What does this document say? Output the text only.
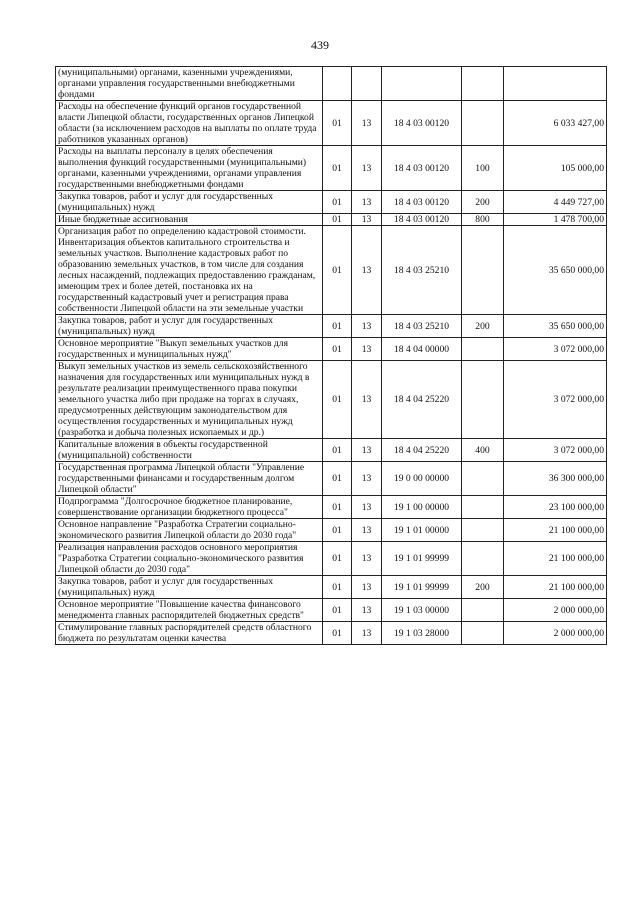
439
(муниципальными) органами, казенными учреждениями, органами управления государственными внебюджетными фондами					
Расходы на обеспечение функций органов государственной власти Липецкой области, государственных органов Липецкой области (за исключением расходов на выплаты по оплате труда работников указанных органов)	01	13	18 4 03 00120		6 033 427,00
Расходы на выплаты персоналу в целях обеспечения выполнения функций государственными (муниципальными) органами, казенными учреждениями, органами управления государственными внебюджетными фондами	01	13	18 4 03 00120	100	105 000,00
Закупка товаров, работ и услуг для государственных (муниципальных) нужд	01	13	18 4 03 00120	200	4 449 727,00
Иные бюджетные ассигнования	01	13	18 4 03 00120	800	1 478 700,00
Организация работ по определению кадастровой стоимости. Инвентаризация объектов капитального строительства и земельных участков. Выполнение кадастровых работ по образованию земельных участков, в том числе для создания лесных насаждений, подлежащих предоставлению гражданам, имеющим трех и более детей, постановка их на государственный кадастровый учет и регистрация права собственности Липецкой области на эти земельные участки	01	13	18 4 03 25210		35 650 000,00
Закупка товаров, работ и услуг для государственных (муниципальных) нужд	01	13	18 4 03 25210	200	35 650 000,00
Основное мероприятие "Выкуп земельных участков для государственных и муниципальных нужд"	01	13	18 4 04 00000		3 072 000,00
Выкуп земельных участков из земель сельскохозяйственного назначения для государственных или муниципальных нужд в результате реализации преимущественного права покупки земельного участка либо при продаже на торгах в случаях, предусмотренных действующим законодательством для осуществления государственных и муниципальных нужд (разработка и добыча полезных ископаемых и др.)	01	13	18 4 04 25220		3 072 000,00
Капитальные вложения в объекты государственной (муниципальной) собственности	01	13	18 4 04 25220	400	3 072 000,00
Государственная программа Липецкой области "Управление государственными финансами и государственным долгом Липецкой области"	01	13	19 0 00 00000		36 300 000,00
Подпрограмма "Долгосрочное бюджетное планирование, совершенствование организации бюджетного процесса"	01	13	19 1 00 00000		23 100 000,00
Основное направление "Разработка Стратегии социально-экономического развития Липецкой области до 2030 года"	01	13	19 1 01 00000		21 100 000,00
Реализация направления расходов основного мероприятия "Разработка Стратегии социально-экономического развития Липецкой области до 2030 года"	01	13	19 1 01 99999		21 100 000,00
Закупка товаров, работ и услуг для государственных (муниципальных) нужд	01	13	19 1 01 99999	200	21 100 000,00
Основное мероприятие "Повышение качества финансового менеджмента главных распорядителей бюджетных средств"	01	13	19 1 03 00000		2 000 000,00
Стимулирование главных распорядителей средств областного бюджета по результатам оценки качества	01	13	19 1 03 28000		2 000 000,00
